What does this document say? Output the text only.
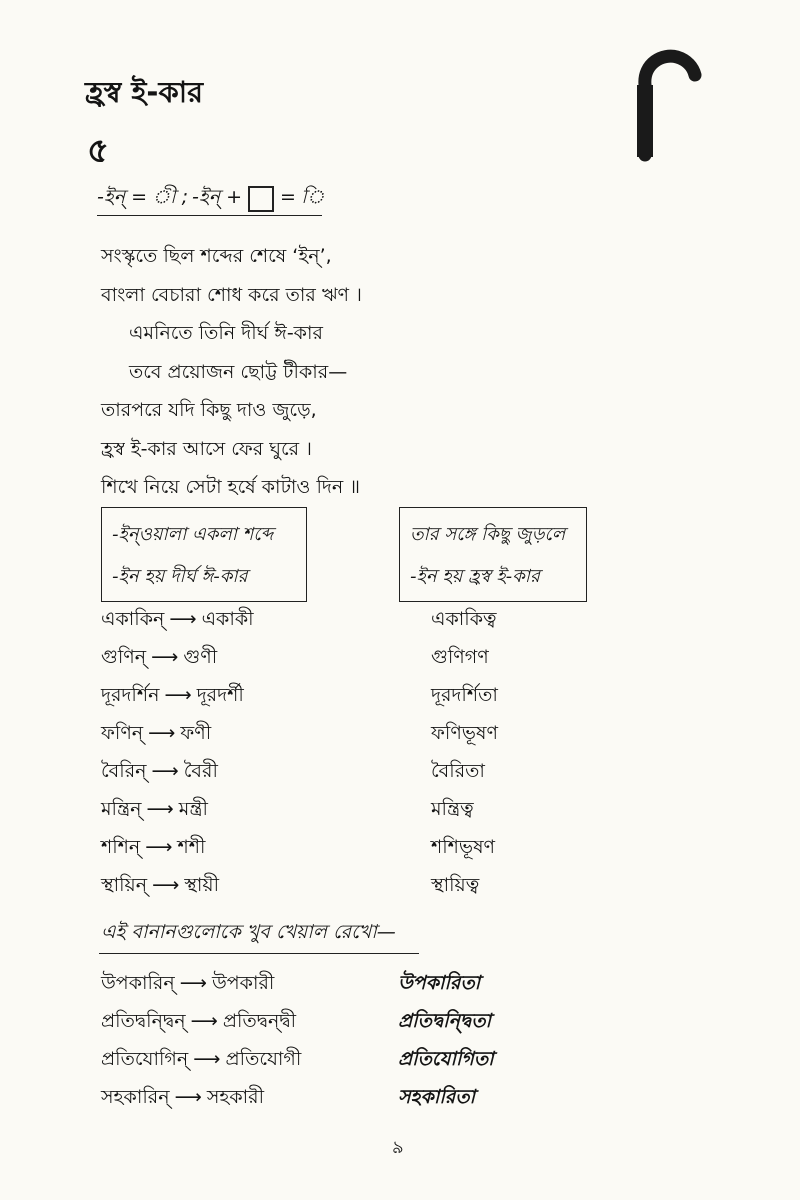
হ্রস্ব ই-কার
৫
-ইন্ = ী ; -ইন্ + = ি
সংস্কৃতে ছিল শব্দের শেষে ‘ইন্’,
বাংলা বেচারা শোধ করে তার ঋণ ।
এমনিতে তিনি দীর্ঘ ঈ-কার
তবে প্রয়োজন ছোট্ট টীকার—
তারপরে যদি কিছু দাও জুড়ে,
হ্রস্ব ই-কার আসে ফের ঘুরে ।
শিখে নিয়ে সেটা হর্ষে কাটাও দিন ॥
-ইন্‌ওয়ালা একলা শব্দে
-ইন হয় দীর্ঘ ঈ-কার
তার সঙ্গে কিছু জুড়লে
-ইন হয় হ্রস্ব ই-কার
একাকিন্ ⟶ একাকী	একাকিত্ব
গুণিন্ ⟶ গুণী	গুণিগণ
দূরদর্শিন ⟶ দূরদর্শী	দূরদর্শিতা
ফণিন্ ⟶ ফণী	ফণিভূষণ
বৈরিন্ ⟶ বৈরী	বৈরিতা
মন্ত্রিন্ ⟶ মন্ত্রী	মন্ত্রিত্ব
শশিন্ ⟶ শশী	শশিভূষণ
স্থায়িন্ ⟶ স্থায়ী	স্থায়িত্ব
এই বানানগুলোকে খুব খেয়াল রেখো—
উপকারিন্ ⟶ উপকারী	উপকারিতা
প্রতিদ্বন্দ্বিন্ ⟶ প্রতিদ্বন্দ্বী	প্রতিদ্বন্দ্বিতা
প্রতিযোগিন্ ⟶ প্রতিযোগী	প্রতিযোগিতা
সহকারিন্ ⟶ সহকারী	সহকারিতা
৯
